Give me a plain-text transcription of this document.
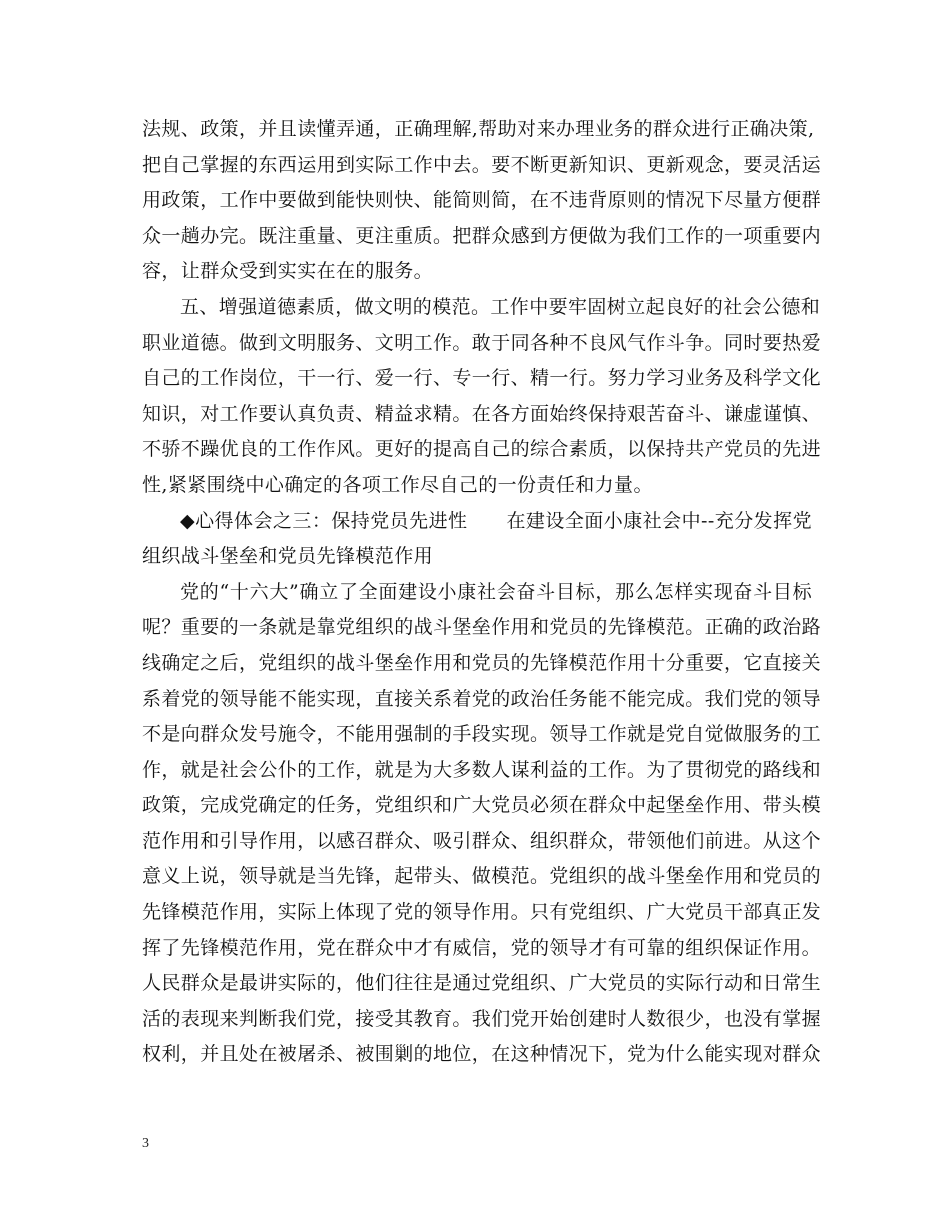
法规、政策，并且读懂弄通，正确理解,帮助对来办理业务的群众进行正确决策,
把自己掌握的东西运用到实际工作中去。要不断更新知识、更新观念，要灵活运
用政策，工作中要做到能快则快、能简则简，在不违背原则的情况下尽量方便群
众一趟办完。既注重量、更注重质。把群众感到方便做为我们工作的一项重要内
容，让群众受到实实在在的服务。
五、增强道德素质，做文明的模范。工作中要牢固树立起良好的社会公德和
职业道德。做到文明服务、文明工作。敢于同各种不良风气作斗争。同时要热爱
自己的工作岗位，干一行、爱一行、专一行、精一行。努力学习业务及科学文化
知识，对工作要认真负责、精益求精。在各方面始终保持艰苦奋斗、谦虚谨慎、
不骄不躁优良的工作作风。更好的提高自己的综合素质，以保持共产党员的先进
性,紧紧围绕中心确定的各项工作尽自己的一份责任和力量。
◆心得体会之三：保持党员先进性　　在建设全面小康社会中--充分发挥党
组织战斗堡垒和党员先锋模范作用
党的“十六大”确立了全面建设小康社会奋斗目标，那么怎样实现奋斗目标
呢？重要的一条就是靠党组织的战斗堡垒作用和党员的先锋模范。正确的政治路
线确定之后，党组织的战斗堡垒作用和党员的先锋模范作用十分重要，它直接关
系着党的领导能不能实现，直接关系着党的政治任务能不能完成。我们党的领导
不是向群众发号施令，不能用强制的手段实现。领导工作就是党自觉做服务的工
作，就是社会公仆的工作，就是为大多数人谋利益的工作。为了贯彻党的路线和
政策，完成党确定的任务，党组织和广大党员必须在群众中起堡垒作用、带头模
范作用和引导作用，以感召群众、吸引群众、组织群众，带领他们前进。从这个
意义上说，领导就是当先锋，起带头、做模范。党组织的战斗堡垒作用和党员的
先锋模范作用，实际上体现了党的领导作用。只有党组织、广大党员干部真正发
挥了先锋模范作用，党在群众中才有威信，党的领导才有可靠的组织保证作用。
人民群众是最讲实际的，他们往往是通过党组织、广大党员的实际行动和日常生
活的表现来判断我们党，接受其教育。我们党开始创建时人数很少，也没有掌握
权利，并且处在被屠杀、被围剿的地位，在这种情况下，党为什么能实现对群众
3
